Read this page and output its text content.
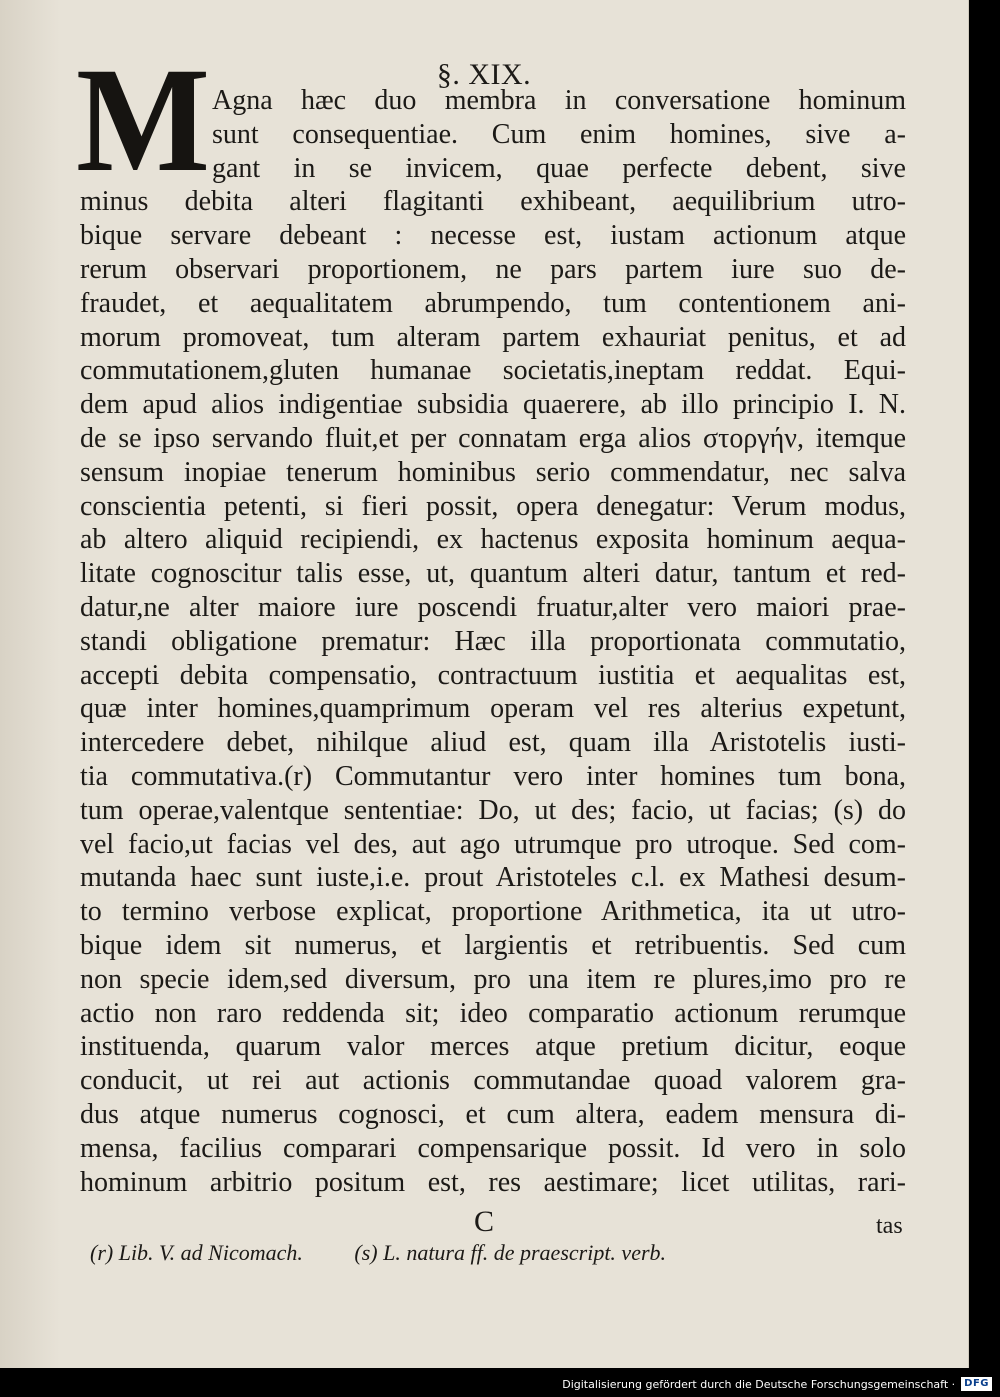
§. XIX.
M Agna hæc duo membra in conversatione hominum
sunt consequentiae. Cum enim homines, sive a-
gant in se invicem, quae perfecte debent, sive
minus debita alteri flagitanti exhibeant, aequilibrium utro-
bique servare debeant : necesse est, iustam actionum atque
rerum observari proportionem, ne pars partem iure suo de-
fraudet, et aequalitatem abrumpendo, tum contentionem ani-
morum promoveat, tum alteram partem exhauriat penitus, et ad
commutationem,gluten humanae societatis,ineptam reddat. Equi-
dem apud alios indigentiae subsidia quaerere, ab illo principio I. N.
de se ipso servando fluit,et per connatam erga alios στοργήν, itemque
sensum inopiae tenerum hominibus serio commendatur, nec salva
conscientia petenti, si fieri possit, opera denegatur: Verum modus,
ab altero aliquid recipiendi, ex hactenus exposita hominum aequa-
litate cognoscitur talis esse, ut, quantum alteri datur, tantum et red-
datur,ne alter maiore iure poscendi fruatur,alter vero maiori prae-
standi obligatione prematur: Hæc illa proportionata commutatio,
accepti debita compensatio, contractuum iustitia et aequalitas est,
quæ inter homines,quamprimum operam vel res alterius expetunt,
intercedere debet, nihilque aliud est, quam illa Aristotelis iusti-
tia commutativa.(r) Commutantur vero inter homines tum bona,
tum operae,valentque sententiae: Do, ut des; facio, ut facias; (s) do
vel facio,ut facias vel des, aut ago utrumque pro utroque. Sed com-
mutanda haec sunt iuste,i.e. prout Aristoteles c.l. ex Mathesi desum-
to termino verbose explicat, proportione Arithmetica, ita ut utro-
bique idem sit numerus, et largientis et retribuentis. Sed cum
non specie idem,sed diversum, pro una item re plures,imo pro re
actio non raro reddenda sit; ideo comparatio actionum rerumque
instituenda, quarum valor merces atque pretium dicitur, eoque
conducit, ut rei aut actionis commutandae quoad valorem gra-
dus atque numerus cognosci, et cum altera, eadem mensura di-
mensa, facilius comparari compensarique possit. Id vero in solo
hominum arbitrio positum est, res aestimare; licet utilitas, rari-
C	tas
(r) Lib. V. ad Nicomach. (s) L. natura ff. de praescript. verb.
Digitalisierung gefördert durch die Deutsche Forschungsgemeinschaft · DFG
